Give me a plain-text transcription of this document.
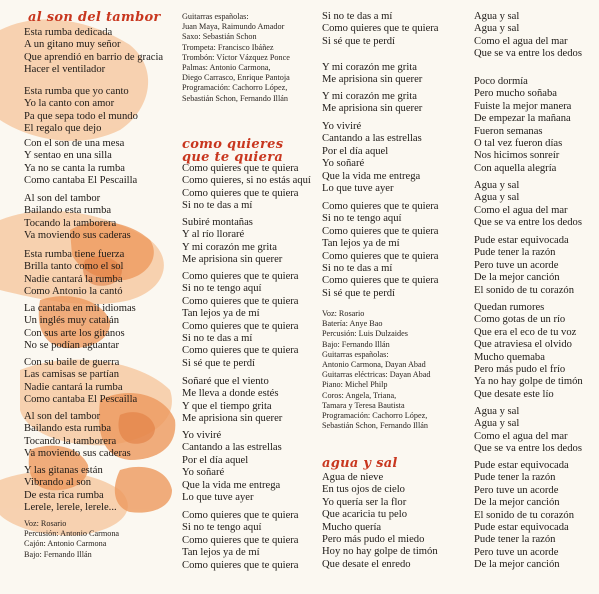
al son del tambor
Esta rumba dedicada
A un gitano muy señor
Que aprendió en barrio de gracia
Hacer el ventilador
Esta rumba que yo canto
Yo la canto con amor
Pa que sepa todo el mundo
El regalo que dejo
Con el son de una mesa
Y sentao en una silla
Ya no se canta la rumba
Como cantaba El Pescailla
Al son del tambor
Bailando esta rumba
Tocando la tamborera
Va moviendo sus caderas
Esta rumba tiene fuerza
Brilla tanto como el sol
Nadie cantará la rumba
Como Antonio la cantó
La cantaba en mil idiomas
Un inglés muy catalán
Con sus arte los gitanos
No se podían aguantar
Con su baile de guerra
Las camisas se partían
Nadie cantará la rumba
Como cantaba El Pescailla
Al son del tambor
Bailando esta rumba
Tocando la tamborera
Va moviendo sus caderas
Y las gitanas están
Vibrando al son
De esta rica rumba
Lerele, lerele, lerele...
Voz: Rosario
Percusión: Antonio Carmona
Cajón: Antonio Carmona
Bajo: Fernando Illán
Guitarras españolas:
Juan Maya, Raimundo Amador
Saxo: Sebastián Schon
Trompeta: Francisco Ibáñez
Trombón: Víctor Vázquez Ponce
Palmas: Antonio Carmona,
Diego Carrasco, Enrique Pantoja
Programación: Cachorro López,
Sebastián Schon, Fernando Illán
como quieres
que te quiera
Como quieres que te quiera
Como quieres, si no estás aquí
Como quieres que te quiera
Si no te das a mí
Subiré montañas
Y al río lloraré
Y mi corazón me grita
Me aprisiona sin querer
Como quieres que te quiera
Si no te tengo aquí
Como quieres que te quiera
Tan lejos ya de mí
Como quieres que te quiera
Si no te das a mí
Como quieres que te quiera
Si sé que te perdí
Soñaré que el viento
Me lleva a donde estés
Y que el tiempo grita
Me aprisiona sin querer
Yo viviré
Cantando a las estrellas
Por el día aquel
Yo soñaré
Que la vida me entrega
Lo que tuve ayer
Como quieres que te quiera
Si no te tengo aquí
Como quieres que te quiera
Tan lejos ya de mí
Como quieres que te quiera
Si no te das a mí
Como quieres que te quiera
Si sé que te perdí
Y mi corazón me grita
Me aprisiona sin querer
Y mi corazón me grita
Me aprisiona sin querer
Yo viviré
Cantando a las estrellas
Por el día aquel
Yo soñaré
Que la vida me entrega
Lo que tuve ayer
Como quieres que te quiera
Si no te tengo aquí
Como quieres que te quiera
Tan lejos ya de mí
Como quieres que te quiera
Si no te das a mí
Como quieres que te quiera
Si sé que te perdí
Voz: Rosario
Batería: Anye Bao
Percusión: Luis Dulzaides
Bajo: Fernando Illán
Guitarras españolas:
Antonio Carmona, Dayan Abad
Guitarras eléctricas: Dayan Abad
Piano: Michel Philp
Coros: Angela, Triana,
Tamara y Teresa Bautista
Programación: Cachorro López,
Sebastián Schon, Fernando Illán
agua y sal
Agua de nieve
En tus ojos de cielo
Yo quería ser la flor
Que acaricia tu pelo
Mucho quería
Pero más pudo el miedo
Hoy no hay golpe de timón
Que desate el enredo
Agua y sal
Agua y sal
Como el agua del mar
Que se va entre los dedos
Poco dormía
Pero mucho soñaba
Fuiste la mejor manera
De empezar la mañana
Fueron semanas
O tal vez fueron días
Nos hicimos sonreír
Con aquella alegría
Agua y sal
Agua y sal
Como el agua del mar
Que se va entre los dedos
Pude estar equivocada
Pude tener la razón
Pero tuve un acorde
De la mejor canción
El sonido de tu corazón
Quedan rumores
Como gotas de un río
Que era el eco de tu voz
Que atraviesa el olvido
Mucho quemaba
Pero más pudo el frío
Ya no hay golpe de timón
Que desate este lío
Agua y sal
Agua y sal
Como el agua del mar
Que se va entre los dedos
Pude estar equivocada
Pude tener la razón
Pero tuve un acorde
De la mejor canción
El sonido de tu corazón
Pude estar equivocada
Pude tener la razón
Pero tuve un acorde
De la mejor canción
